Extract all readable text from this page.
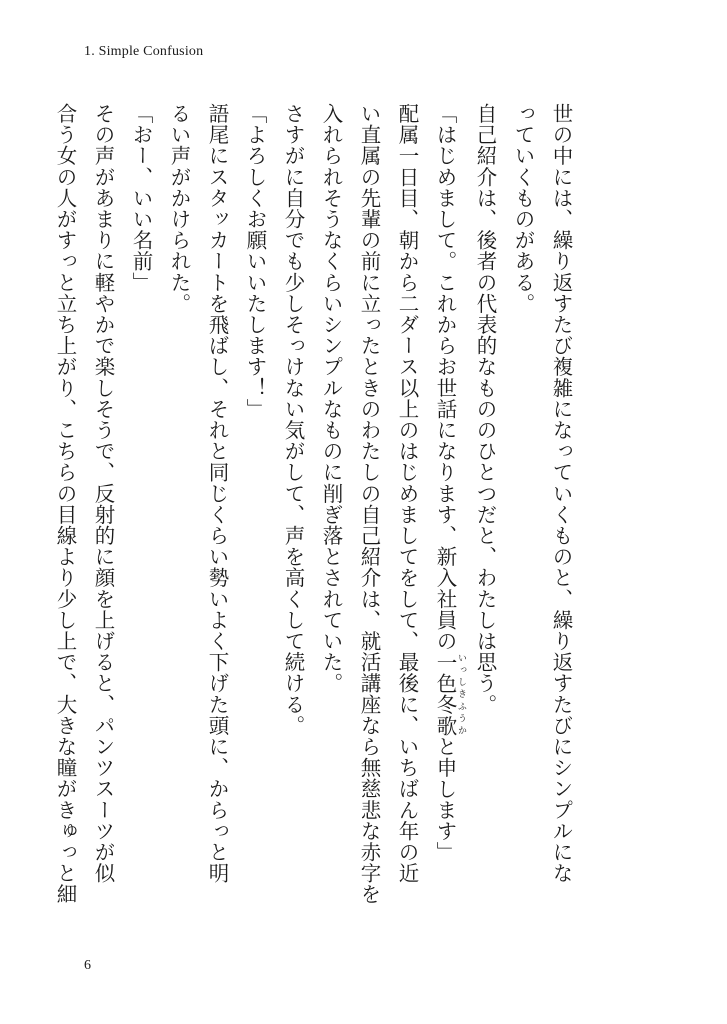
1. Simple Confusion

世の中には、繰り返すたび複雑になっていくものと、繰り返すたびにシンプルにな

っていくものがある。

自己紹介は、後者の代表的なもののひとつだと、わたしは思う。

「はじめまして。これからお世話になります、新入社員の一色冬歌 いっしきふうかと申します」

配属一日目、朝から二ダース以上のはじめましてをして、最後に、いちばん年の近

い直属の先輩の前に立ったときのわたしの自己紹介は、就活講座なら無慈悲な赤字を

入れられそうなくらいシンプルなものに削ぎ落とされていた。

さすがに自分でも少しそっけない気がして、声を高くして続ける。

「よろしくお願いいたします！」

語尾にスタッカートを飛ばし、それと同じくらい勢いよく下げた頭に、からっと明

るい声がかけられた。

「おー、いい名前」

その声があまりに軽やかで楽しそうで、反射的に顔を上げると、パンツスーツが似

合う女の人がすっと立ち上がり、こちらの目線より少し上で、大きな瞳がきゅっと細

6
